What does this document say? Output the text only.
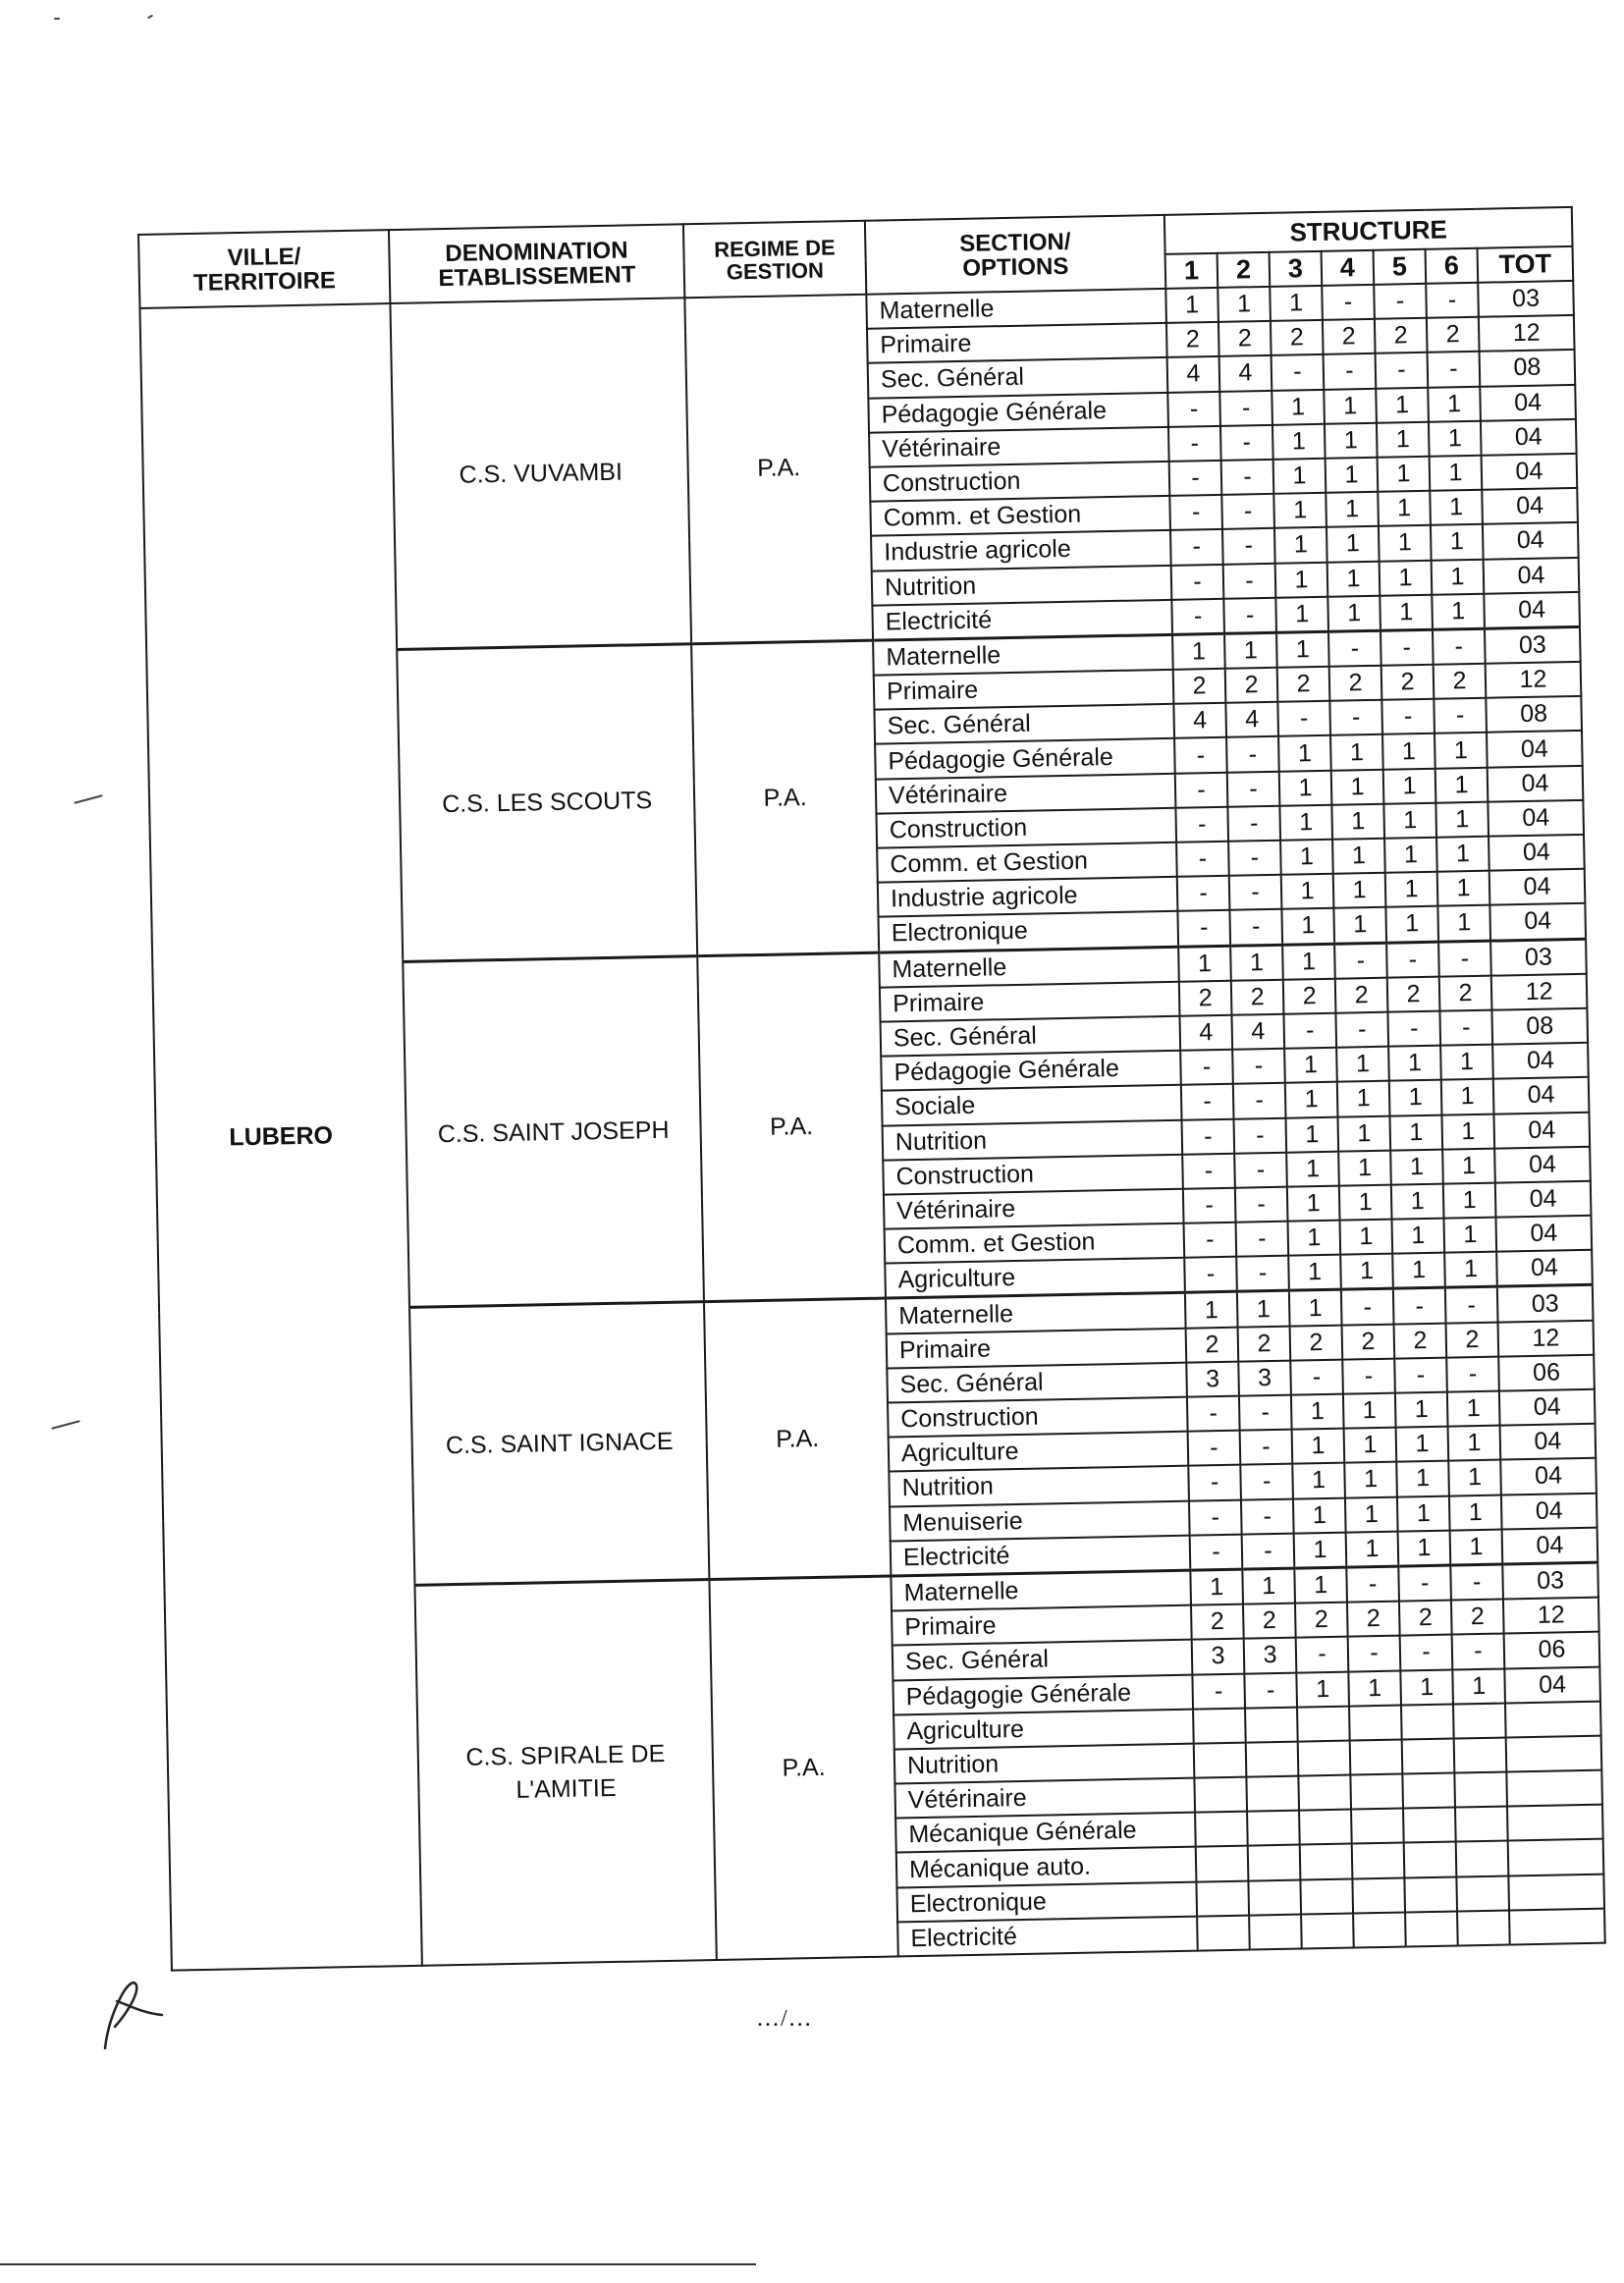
VILLE/
TERRITOIRE	DENOMINATION
ETABLISSEMENT	REGIME DE
GESTION	SECTION/
OPTIONS	STRUCTURE						
				1	2	3	4	5	6	TOT
LUBERO	C.S. VUVAMBI	P.A.	Maternelle	1	1	1	-	-	-	03
			Primaire	2	2	2	2	2	2	12
			Sec. Général	4	4	-	-	-	-	08
			Pédagogie Générale	-	-	1	1	1	1	04
			Vétérinaire	-	-	1	1	1	1	04
			Construction	-	-	1	1	1	1	04
			Comm. et Gestion	-	-	1	1	1	1	04
			Industrie agricole	-	-	1	1	1	1	04
			Nutrition	-	-	1	1	1	1	04
			Electricité	-	-	1	1	1	1	04
	C.S. LES SCOUTS	P.A.	Maternelle	1	1	1	-	-	-	03
			Primaire	2	2	2	2	2	2	12
			Sec. Général	4	4	-	-	-	-	08
			Pédagogie Générale	-	-	1	1	1	1	04
			Vétérinaire	-	-	1	1	1	1	04
			Construction	-	-	1	1	1	1	04
			Comm. et Gestion	-	-	1	1	1	1	04
			Industrie agricole	-	-	1	1	1	1	04
			Electronique	-	-	1	1	1	1	04
	C.S. SAINT JOSEPH	P.A.	Maternelle	1	1	1	-	-	-	03
			Primaire	2	2	2	2	2	2	12
			Sec. Général	4	4	-	-	-	-	08
			Pédagogie Générale	-	-	1	1	1	1	04
			Sociale	-	-	1	1	1	1	04
			Nutrition	-	-	1	1	1	1	04
			Construction	-	-	1	1	1	1	04
			Vétérinaire	-	-	1	1	1	1	04
			Comm. et Gestion	-	-	1	1	1	1	04
			Agriculture	-	-	1	1	1	1	04
	C.S. SAINT IGNACE	P.A.	Maternelle	1	1	1	-	-	-	03
			Primaire	2	2	2	2	2	2	12
			Sec. Général	3	3	-	-	-	-	06
			Construction	-	-	1	1	1	1	04
			Agriculture	-	-	1	1	1	1	04
			Nutrition	-	-	1	1	1	1	04
			Menuiserie	-	-	1	1	1	1	04
			Electricité	-	-	1	1	1	1	04
	C.S. SPIRALE DE L'AMITIE	P.A.	Maternelle	1	1	1	-	-	-	03
			Primaire	2	2	2	2	2	2	12
			Sec. Général	3	3	-	-	-	-	06
			Pédagogie Générale	-	-	1	1	1	1	04
			Agriculture							
			Nutrition							
			Vétérinaire							
			Mécanique Générale							
			Mécanique auto.							
			Electronique							
			Electricité							
…/…
